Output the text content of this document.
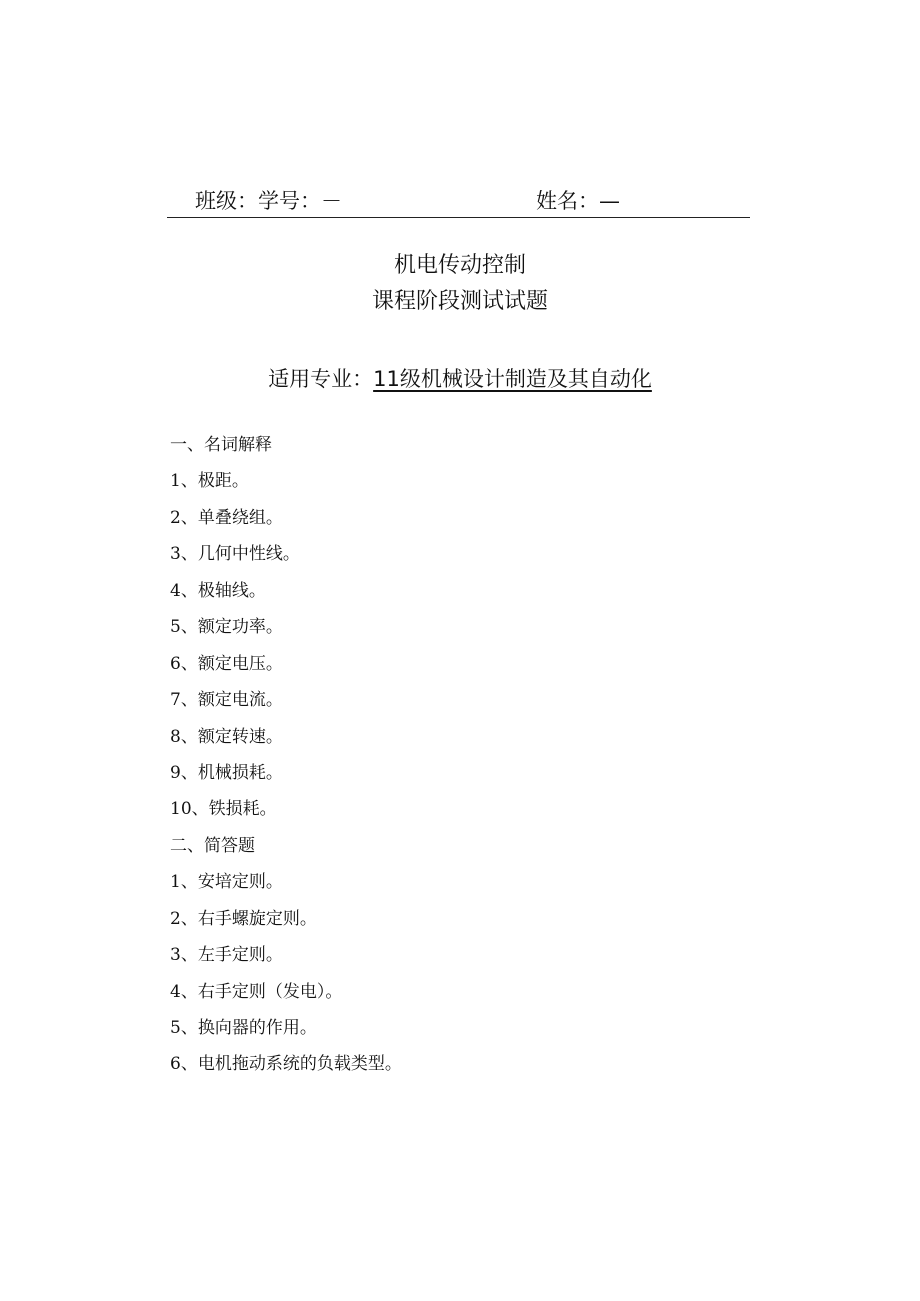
班级：学号：－	姓名：—
机电传动控制
课程阶段测试试题
适用专业：11级机械设计制造及其自动化
一、名词解释
1、极距。
2、单叠绕组。
3、几何中性线。
4、极轴线。
5、额定功率。
6、额定电压。
7、额定电流。
8、额定转速。
9、机械损耗。
10、铁损耗。
二、简答题
1、安培定则。
2、右手螺旋定则。
3、左手定则。
4、右手定则（发电）。
5、换向器的作用。
6、电机拖动系统的负载类型。
